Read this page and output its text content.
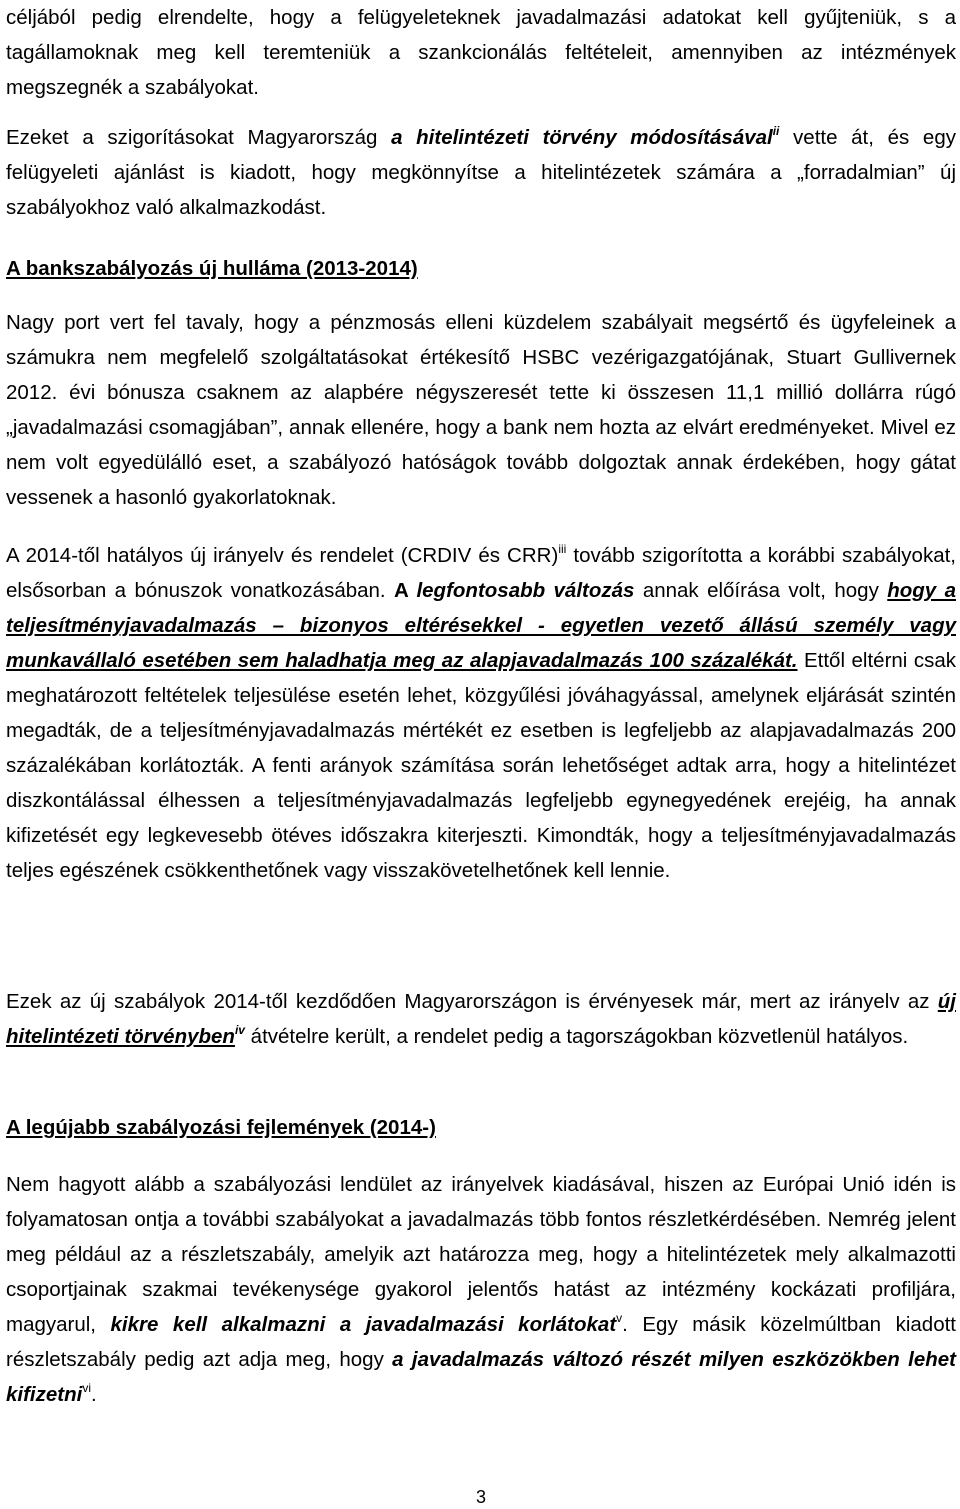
céljából pedig elrendelte, hogy a felügyeleteknek javadalmazási adatokat kell gyűjteniük, s a tagállamoknak meg kell teremteniük a szankcionálás feltételeit, amennyiben az intézmények megszegnék a szabályokat.

Ezeket a szigorításokat Magyarország a hitelintézeti törvény módosításával$^{ii}$ vette át, és egy felügyeleti ajánlást is kiadott, hogy megkönnyítse a hitelintézetek számára a „forradalmian” új szabályokhoz való alkalmazkodást.

A bankszabályozás új hulláma (2013-2014)

Nagy port vert fel tavaly, hogy a pénzmosás elleni küzdelem szabályait megsértő és ügyfeleinek a számukra nem megfelelő szolgáltatásokat értékesítő HSBC vezérigazgatójának, Stuart Gullivernek 2012. évi bónusza csaknem az alapbére négyszeresét tette ki összesen 11,1 millió dollárra rúgó „javadalmazási csomagjában”, annak ellenére, hogy a bank nem hozta az elvárt eredményeket. Mivel ez nem volt egyedülálló eset, a szabályozó hatóságok tovább dolgoztak annak érdekében, hogy gátat vessenek a hasonló gyakorlatoknak.

A 2014-től hatályos új irányelv és rendelet (CRDIV és CRR)$^{iii}$ tovább szigorította a korábbi szabályokat, elsősorban a bónuszok vonatkozásában. A legfontosabb változás annak előírása volt, hogy hogy a teljesítményjavadalmazás – bizonyos eltérésekkel - egyetlen vezető állású személy vagy munkavállaló esetében sem haladhatja meg az alapjavadalmazás 100 százalékát. Ettől eltérni csak meghatározott feltételek teljesülése esetén lehet, közgyűlési jóváhagyással, amelynek eljárását szintén megadták, de a teljesítményjavadalmazás mértékét ez esetben is legfeljebb az alapjavadalmazás 200 százalékában korlátozták. A fenti arányok számítása során lehetőséget adtak arra, hogy a hitelintézet diszkontálással élhessen a teljesítményjavadalmazás legfeljebb egynegyedének erejéig, ha annak kifizetését egy legkevesebb ötéves időszakra kiterjeszti. Kimondták, hogy a teljesítményjavadalmazás teljes egészének csökkenthetőnek vagy visszakövetelhetőnek kell lennie.

Ezek az új szabályok 2014-től kezdődően Magyarországon is érvényesek már, mert az irányelv az új hitelintézeti törvényben$^{iv}$ átvételre került, a rendelet pedig a tagországokban közvetlenül hatályos.

A legújabb szabályozási fejlemények (2014-)

Nem hagyott alább a szabályozási lendület az irányelvek kiadásával, hiszen az Európai Unió idén is folyamatosan ontja a további szabályokat a javadalmazás több fontos részletkérdésében. Nemrég jelent meg például az a részletszabály, amelyik azt határozza meg, hogy a hitelintézetek mely alkalmazotti csoportjainak szakmai tevékenysége gyakorol jelentős hatást az intézmény kockázati profiljára, magyarul, kikre kell alkalmazni a javadalmazási korlátokat$^v$. Egy másik közelmúltban kiadott részletszabály pedig azt adja meg, hogy a javadalmazás változó részét milyen eszközökben lehet kifizetni$^{vi}$.

3
